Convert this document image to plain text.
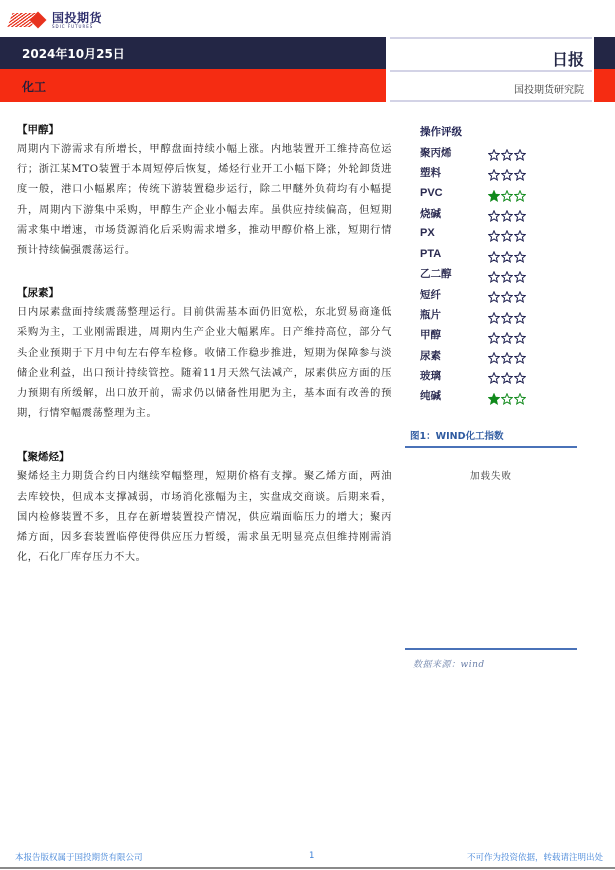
国投期货
SDIC FUTURES
2024年10月25日
化工
日报
国投期货研究院
【甲醇】
周期内下游需求有所增长，甲醇盘面持续小幅上涨。内地装置开工维持高位运行；浙江某MTO装置于本周短停后恢复，烯烃行业开工小幅下降；外轮卸货进度一般，港口小幅累库；传统下游装置稳步运行，除二甲醚外负荷均有小幅提升，周期内下游集中采购，甲醇生产企业小幅去库。虽供应持续偏高，但短期需求集中增速，市场货源消化后采购需求增多，推动甲醇价格上涨，短期行情预计持续偏强震荡运行。
【尿素】
日内尿素盘面持续震荡整理运行。目前供需基本面仍旧宽松，东北贸易商逢低采购为主，工业刚需跟进，周期内生产企业大幅累库。日产维持高位，部分气头企业预期于下月中旬左右停车检修。收储工作稳步推进，短期为保障参与淡储企业利益，出口预计持续管控。随着11月天然气法减产，尿素供应方面的压力预期有所缓解，出口放开前，需求仍以储备性用肥为主，基本面有改善的预期，行情窄幅震荡整理为主。
【聚烯烃】
聚烯烃主力期货合约日内继续窄幅整理，短期价格有支撑。聚乙烯方面，两油去库较快，但成本支撑减弱，市场消化涨幅为主，实盘成交商谈。后期来看，国内检修装置不多，且存在新增装置投产情况，供应端面临压力的增大；聚丙烯方面，因多套装置临停使得供应压力暂缓，需求虽无明显亮点但维持刚需消化，石化厂库存压力不大。
操作评级
聚丙烯
塑料
PVC
烧碱
PX
PTA
乙二醇
短纤
瓶片
甲醇
尿素
玻璃
纯碱
图1：WIND化工指数
加载失败
数据来源：wind
本报告版权属于国投期货有限公司	1	不可作为投资依据，转载请注明出处
